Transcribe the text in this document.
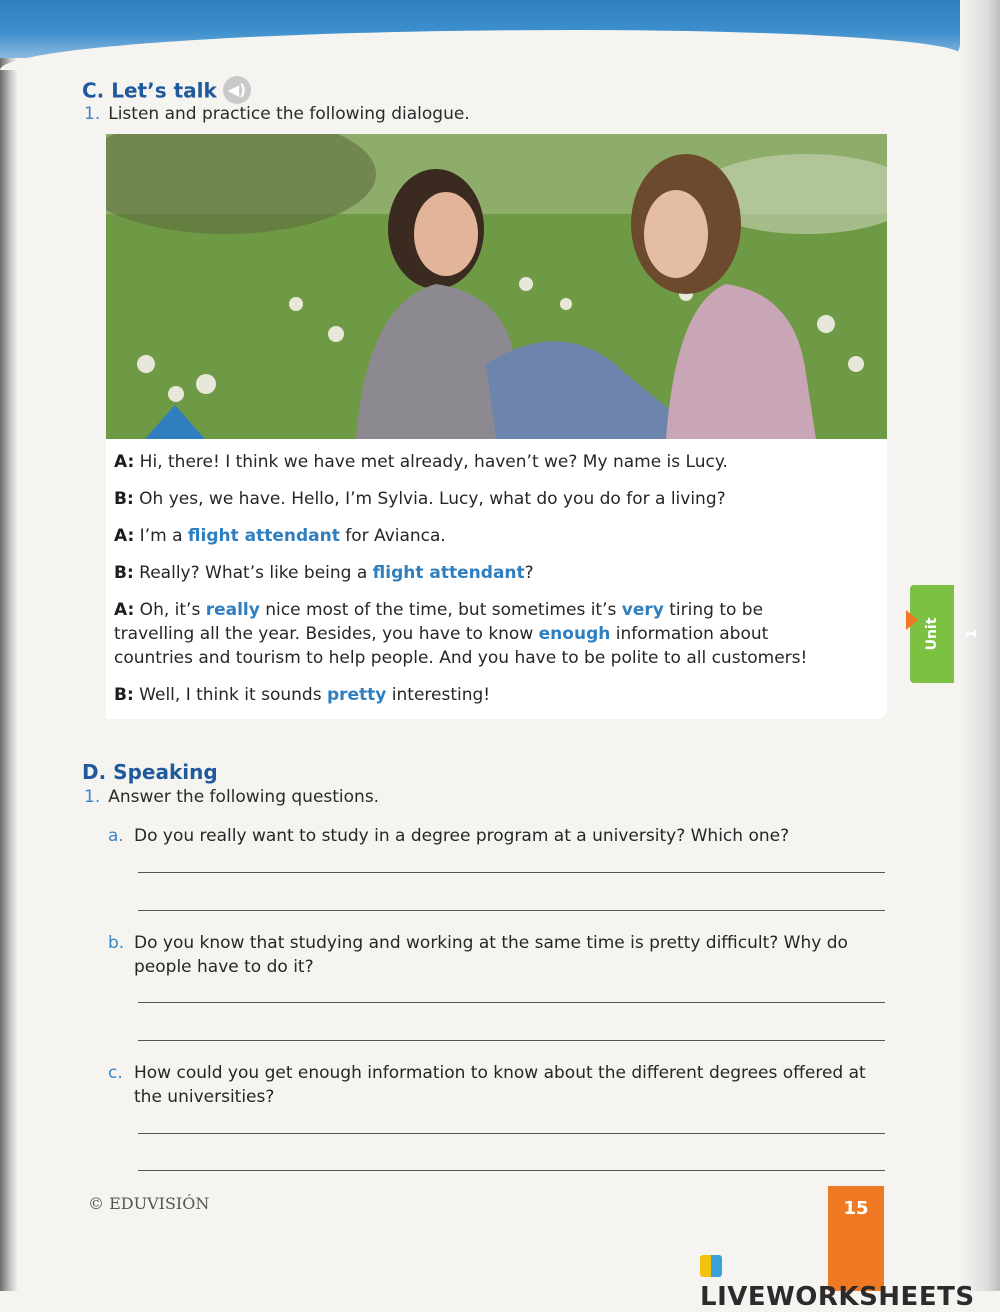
C. Let’s talk ◀)
1. Listen and practice the following dialogue.
A: Hi, there! I think we have met already, haven’t we? My name is Lucy.
B: Oh yes, we have. Hello, I’m Sylvia. Lucy, what do you do for a living?
A: I’m a flight attendant for Avianca.
B: Really? What’s like being a flight attendant?
A: Oh, it’s really nice most of the time, but sometimes it’s very tiring to be travelling all the year. Besides, you have to know enough information about countries and tourism to help people. And you have to be polite to all customers!
B: Well, I think it sounds pretty interesting!
D. Speaking
1. Answer the following questions.
a. Do you really want to study in a degree program at a university? Which one?
b. Do you know that studying and working at the same time is pretty difficult? Why do
people have to do it?
c. How could you get enough information to know about the different degrees offered at
the universities?
Unit 1
© EDUVISIÓN	15
LIVEWORKSHEETS
